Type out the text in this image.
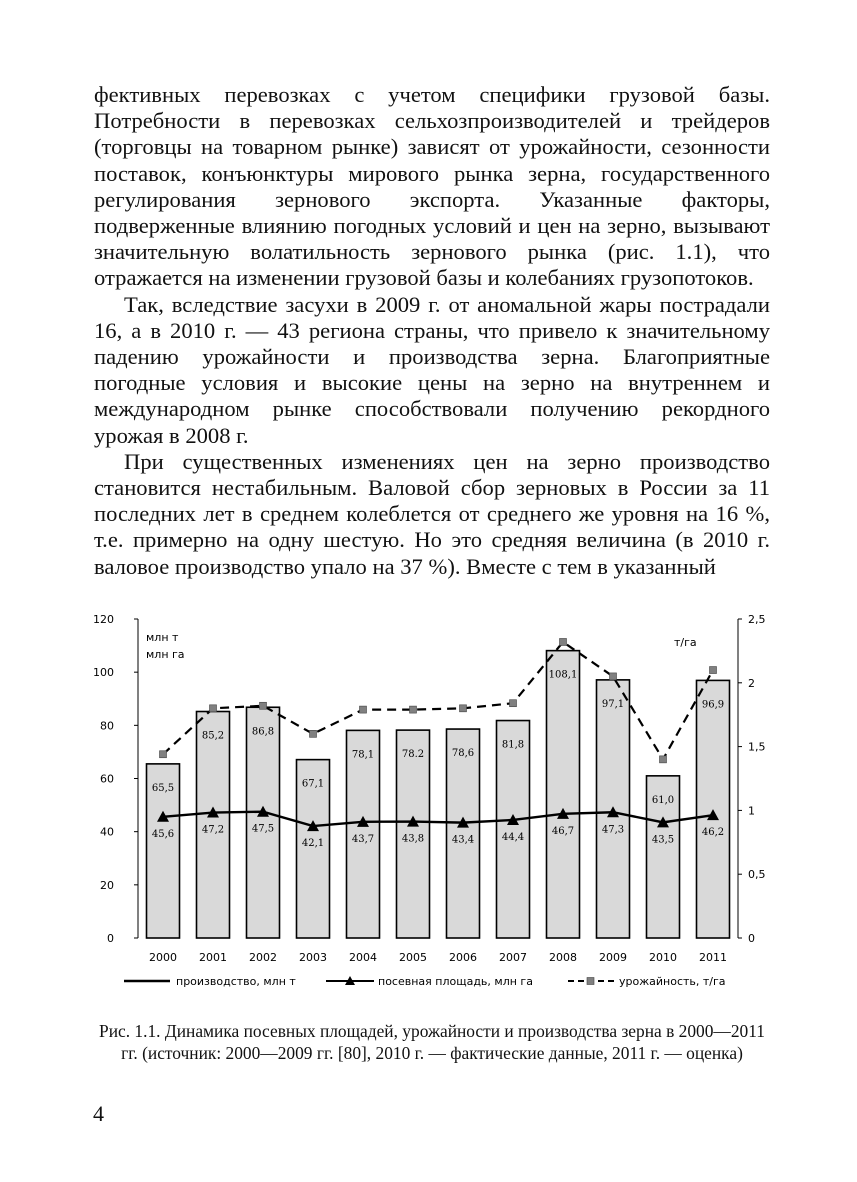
фективных перевозках с учетом специфики грузовой базы. Потребности в перевозках сельхозпроизводителей и трейдеров (торговцы на товарном рынке) зависят от урожайности, сезонности поставок, конъюнктуры мирового рынка зерна, государственного регулирования зернового экспорта. Указанные факторы, подверженные влиянию погодных условий и цен на зерно, вызывают значительную волатильность зернового рынка (рис. 1.1), что отражается на изменении грузовой базы и колебаниях грузопотоков.

Так, вследствие засухи в 2009 г. от аномальной жары пострадали 16, а в 2010 г. — 43 региона страны, что привело к значительному падению урожайности и производства зерна. Благоприятные погодные условия и высокие цены на зерно на внутреннем и международном рынке способствовали получению рекордного урожая в 2008 г.

При существенных изменениях цен на зерно производство становится нестабильным. Валовой сбор зерновых в России за 11 последних лет в среднем колеблется от среднего же уровня на 16 %, т.е. примерно на одну шестую. Но это средняя величина (в 2010 г. валовое производство упало на 37 %). Вместе с тем в указанный

0
20
40
60
80
100
120
0
0,5
1
1,5
2
2,5
млн т
млн га
т/га
65,5
85,2	86,8
67,1
78,1	78.2	78,6
81,8
108,1
97,1
61,0
96,9
45,6	47,2	47,5
42,1	43,7	43,8	43,4	44,4
46,7	47,3
43,5
46,2
2000 2001 2002 2003 2004 2005 2006 2007 2008 2009 2010 2011
производство, млн т	посевная площадь, млн га	урожайность, т/га
Рис. 1.1. Динамика посевных площадей, урожайности и производства зерна в 2000—2011 гг. (источник: 2000—2009 гг. [80], 2010 г. — фактические данные, 2011 г. — оценка)
4
